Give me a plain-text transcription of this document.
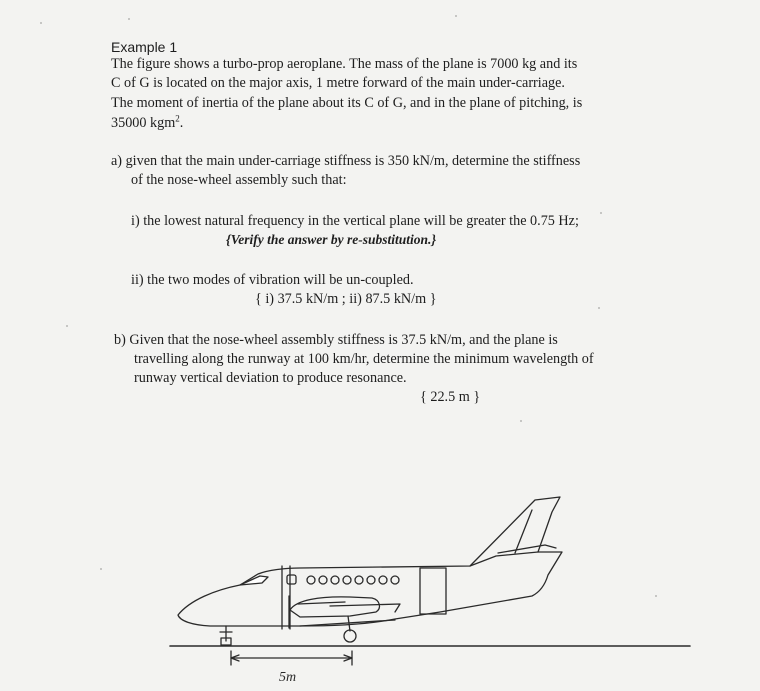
Example 1
The figure shows a turbo-prop aeroplane. The mass of the plane is 7000 kg and its
C of G is located on the major axis, 1 metre forward of the main under-carriage.
The moment of inertia of the plane about its C of G, and in the plane of pitching, is
35000 kgm$^2$.
a) given that the main under-carriage stiffness is 350 kN/m, determine the stiffness
of the nose-wheel assembly such that:
i) the lowest natural frequency in the vertical plane will be greater the 0.75 Hz;
{Verify the answer by re-substitution.}
ii) the two modes of vibration will be un-coupled.
{ i) 37.5 kN/m ; ii) 87.5 kN/m }
b) Given that the nose-wheel assembly stiffness is 37.5 kN/m, and the plane is
travelling along the runway at 100 km/hr, determine the minimum wavelength of
runway vertical deviation to produce resonance.
{ 22.5 m }
5m
